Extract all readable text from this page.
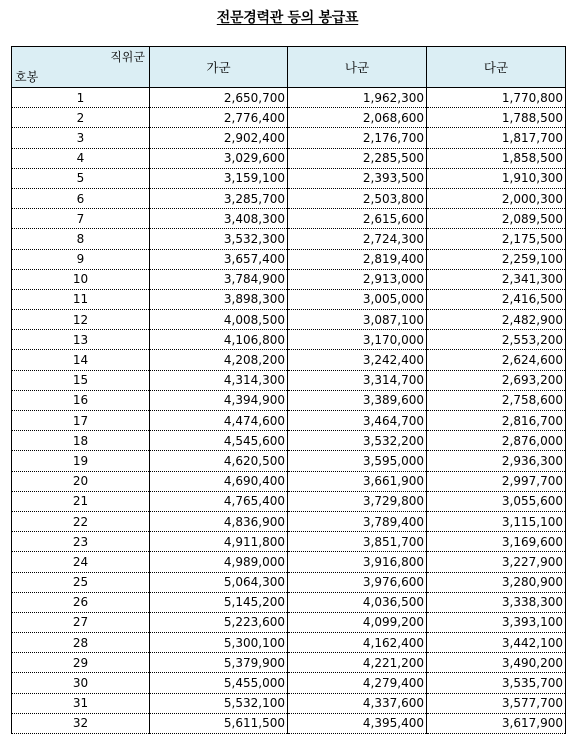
전문경력관 등의 봉급표
직위군
호봉	가군	나군	다군
1	2,650,700	1,962,300	1,770,800
2	2,776,400	2,068,600	1,788,500
3	2,902,400	2,176,700	1,817,700
4	3,029,600	2,285,500	1,858,500
5	3,159,100	2,393,500	1,910,300
6	3,285,700	2,503,800	2,000,300
7	3,408,300	2,615,600	2,089,500
8	3,532,300	2,724,300	2,175,500
9	3,657,400	2,819,400	2,259,100
10	3,784,900	2,913,000	2,341,300
11	3,898,300	3,005,000	2,416,500
12	4,008,500	3,087,100	2,482,900
13	4,106,800	3,170,000	2,553,200
14	4,208,200	3,242,400	2,624,600
15	4,314,300	3,314,700	2,693,200
16	4,394,900	3,389,600	2,758,600
17	4,474,600	3,464,700	2,816,700
18	4,545,600	3,532,200	2,876,000
19	4,620,500	3,595,000	2,936,300
20	4,690,400	3,661,900	2,997,700
21	4,765,400	3,729,800	3,055,600
22	4,836,900	3,789,400	3,115,100
23	4,911,800	3,851,700	3,169,600
24	4,989,000	3,916,800	3,227,900
25	5,064,300	3,976,600	3,280,900
26	5,145,200	4,036,500	3,338,300
27	5,223,600	4,099,200	3,393,100
28	5,300,100	4,162,400	3,442,100
29	5,379,900	4,221,200	3,490,200
30	5,455,000	4,279,400	3,535,700
31	5,532,100	4,337,600	3,577,700
32	5,611,500	4,395,400	3,617,900
